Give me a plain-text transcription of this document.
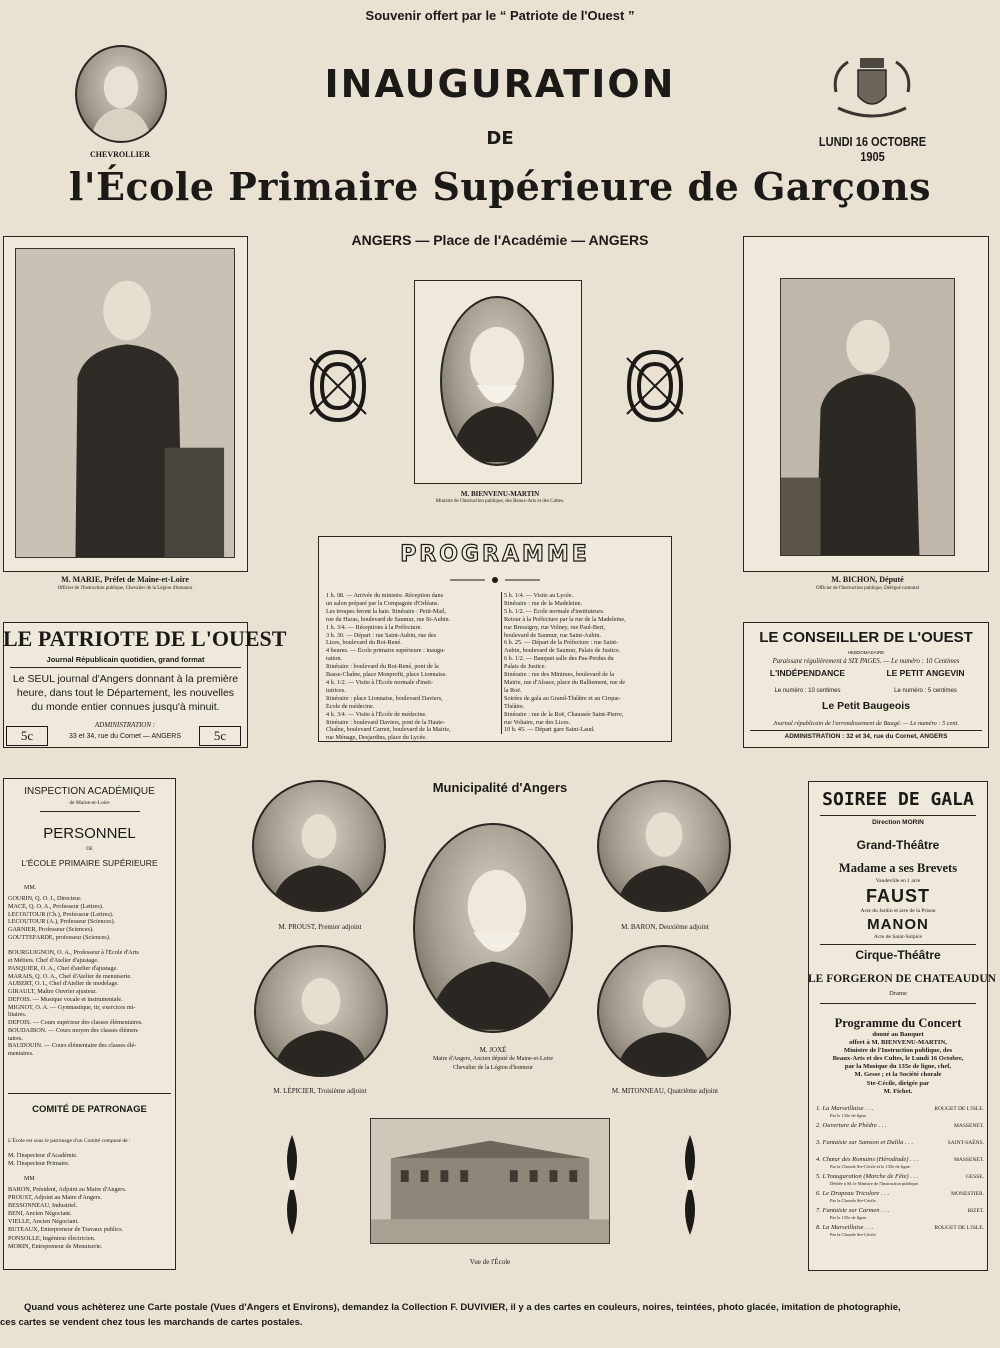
Souvenir offert par le “ Patriote de l'Ouest ”
CHEVROLLIER
INAUGURATION
DE	LUNDI 16 OCTOBRE 1905
l'École Primaire Supérieure de Garçons
ANGERS — Place de l'Académie — ANGERS
M. MARIE, Préfet de Maine-et-Loire
Officier de l'Instruction publique, Chevalier de la Légion d'honneur
M. BIENVENU-MARTIN
Ministre de l'Instruction publique, des Beaux-Arts et des Cultes.
M. BICHON, Député
Officier de l'Instruction publique, Délégué cantonal
PROGRAMME
1 h. 08. — Arrivée du ministre. Réception dans
un salon préparé par la Compagnie d'Orléans.
Les troupes feront la haie. Itinéraire : Petit-Mail,
rue du Haras, boulevard de Saumur, rue St-Aubin.
1 h. 3/4. — Réceptions à la Préfecture.
3 h. 30. — Départ : rue Saint-Aubin, rue des
Lices, boulevard du Roi-René.
4 heures. — École primaire supérieure : inaugu-
ration.
Itinéraire : boulevard du Roi-René, pont de la
Basse-Chaîne, place Monprofit, place Lionnaise.
4 h. 1/2. — Visite à l'École normale d'insti-
tutrices.
Itinéraire : place Lionnaise, boulevard Daviers,
École de médecine.
4 h. 3/4. — Visite à l'École de médecine.
Itinéraire : boulevard Daviers, pont de la Haute-
Chaîne, boulevard Carnot, boulevard de la Mairie,
rue Ménage, Desjardins, place du Lycée.
5 h. 1/4. — Visite au Lycée.
Itinéraire : rue de la Madeleine.
5 h. 1/2. — École normale d'instituteurs.
Retour à la Préfecture par la rue de la Madeleine,
rue Bressigny, rue Volney, rue Paul-Bert,
boulevard de Saumur, rue Saint-Aubin.
6 h. 25. — Départ de la Préfecture : rue Saint-
Aubin, boulevard de Saumur, Palais de Justice.
6 h. 1/2. — Banquet salle des Pas-Perdus du
Palais de Justice.
Itinéraire : rue des Minimes, boulevard de la
Mairie, rue d'Alsace, place du Ralliement, rue de
la Roë.
Soirées de gala au Grand-Théâtre et au Cirque-
Théâtre.
Itinéraire : rue de la Roë, Chaussée Saint-Pierre,
rue Voltaire, rue des Lices.
10 h. 45. — Départ gare Saint-Laud.
LE PATRIOTE DE L'OUEST
Journal Républicain quotidien, grand format
Le SEUL journal d'Angers donnant à la première heure, dans tout le Département, les nouvelles du monde entier connues jusqu'à minuit.
ADMINISTRATION :
33 et 34, rue du Cornet — ANGERS
5c	5c
LE CONSEILLER DE L'OUEST
HEBDOMADAIRE
Paraissant régulièrement à SIX PAGES. — Le numéro : 10 Centimes
L'INDÉPENDANCE
Le numéro : 10 centimes
LE PETIT ANGEVIN
Le numéro : 5 centimes
Le Petit Baugeois
Journal républicain de l'arrondissement de Baugé. — Le numéro : 5 cent.
ADMINISTRATION : 32 et 34, rue du Cornet, ANGERS
INSPECTION ACADÉMIQUE
de Maine-et-Loire
PERSONNEL
DE
L'ÉCOLE PRIMAIRE SUPÉRIEURE
MM.
GOURIN, Q. O. I., Directeur.
MACÉ, Q. O. A., Professeur (Lettres).
LECOUTOUR (Ch.), Professeur (Lettres).
LECOUTOUR (A.), Professeur (Sciences).
GARNIER, Professeur (Sciences).
GOUTTEFARDE, professeur (Sciences).

BOURGUIGNON, O. A., Professeur à l'École d'Arts
et Métiers. Chef d'Atelier d'ajustage.
PASQUIER, O. A., Chef d'atelier d'ajustage.
MARAIS, Q. O. A., Chef d'Atelier de menuiserie.
AUBERT, O. I., Chef d'Atelier de modelage.
GIRAULT, Maître Ouvrier ajusteur.
DEFOIS. — Musique vocale et instrumentale.
MIGNOT, O. A. — Gymnastique, tir, exercices mi-
litaires.
DEFOIS. — Cours supérieur des classes élémentaires.
BOUDAIBON. — Cours moyen des classes élémen-
taires.
BAUDOUIN. — Cours élémentaire des classes élé-
mentaires.
COMITÉ DE PATRONAGE
L'École est sous le patronage d'un Comité composé de :
M. l'Inspecteur d'Académie.
M. l'Inspecteur Primaire.
MM
BARON, Président, Adjoint au Maire d'Angers.
PROUST, Adjoint au Maire d'Angers.
BESSONNEAU, Industriel.
BENI, Ancien Négociant.
VIELLE, Ancien Négociant.
BUTEAUX, Entrepreneur de Travaux publics.
PONSOLLE, Ingénieur électricien.
MORIN, Entrepreneur de Menuiserie.
Municipalité d'Angers
M. PROUST, Premier adjoint	M. BARON, Deuxième adjoint
M. JOXÉ
Maire d'Angers, Ancien député de Maine-et-Loire
Chevalier de la Légion d'honneur
M. LÉPICIER, Troisième adjoint	M. MITONNEAU, Quatrième adjoint
Vue de l'École
SOIREE DE GALA
Direction MORIN
Grand-Théâtre
Madame a ses Brevets
Vaudeville en 1 acte
FAUST
Acte du Jardin et acte de la Prison
MANON
Acte de Saint-Sulpice
Cirque-Théâtre
LE FORGERON DE CHATEAUDUN
Drame
Programme du Concert
donné au Banquet
offert à M. BIENVENU-MARTIN,
Ministre de l'Instruction publique, des
Beaux-Arts et des Cultes, le Lundi 16 Octobre,
par la Musique du 135e de ligne, chef,
M. Gesse ; et la Société chorale
Ste-Cécile, dirigée par
M. Fichet.
1. La Marseillaise . . .	ROUGET DE L'ISLE.
Par le 135e de ligne.
2. Ouverture de Phèdre . . .	MASSENET.

3. Fantaisie sur Samson et Dalila . . .	SAINT-SAËNS.

4. Chœur des Romains (Hérodiade) . . .	MASSENET.
Par la Chorale Ste-Cécile et le 135e de ligne.
5. L'Inauguration (Marche de Fête) . . .	GESSE.
Dédiée à M. le Ministre de l'Instruction publique.
6. Le Drapeau Tricolore . . .	MONESTIER.
Par la Chorale Ste-Cécile.
7. Fantaisie sur Carmen . . .	BIZET.
Par le 135e de ligne.
8. La Marseillaise . . .	ROUGET DE L'ISLE.
Par la Chorale Ste-Cécile.
Quand vous achèterez une Carte postale (Vues d'Angers et Environs), demandez la Collection F. DUVIVIER, il y a des cartes en couleurs, noires, teintées, photo glacée, imitation de photographie,
ces cartes se vendent chez tous les marchands de cartes postales.
